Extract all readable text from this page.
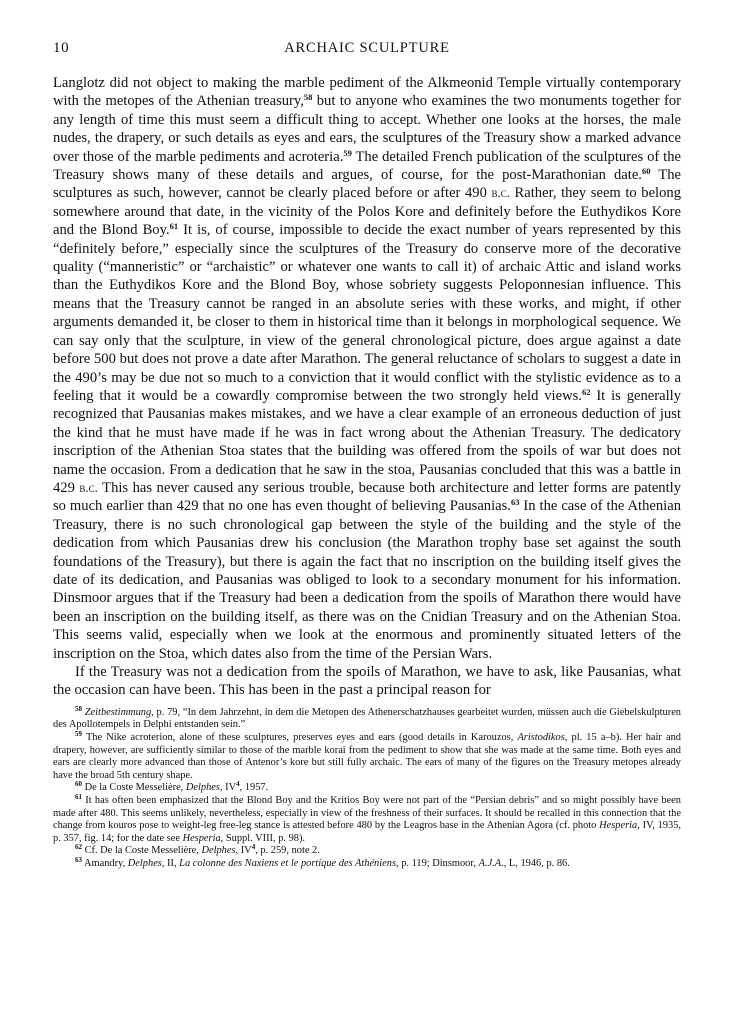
10	ARCHAIC SCULPTURE

Langlotz did not object to making the marble pediment of the Alkmeonid Temple virtually contemporary with the metopes of the Athenian treasury,$^{58}$ but to anyone who examines the two monuments together for any length of time this must seem a difficult thing to accept. Whether one looks at the horses, the male nudes, the drapery, or such details as eyes and ears, the sculptures of the Treasury show a marked advance over those of the marble pediments and acroteria.$^{59}$ The detailed French publication of the sculptures of the Treasury shows many of these details and argues, of course, for the post-Marathonian date.$^{60}$ The sculptures as such, however, cannot be clearly placed before or after 490 b.c. Rather, they seem to belong somewhere around that date, in the vicinity of the Polos Kore and definitely before the Euthydikos Kore and the Blond Boy.$^{61}$ It is, of course, impossible to decide the exact number of years represented by this “definitely before,” especially since the sculptures of the Treasury do conserve more of the decorative quality (“manneristic” or “archaistic” or whatever one wants to call it) of archaic Attic and island works than the Euthydikos Kore and the Blond Boy, whose sobriety suggests Peloponnesian influence. This means that the Treasury cannot be ranged in an absolute series with these works, and might, if other arguments demanded it, be closer to them in historical time than it belongs in morphological sequence. We can say only that the sculpture, in view of the general chronological picture, does argue against a date before 500 but does not prove a date after Marathon. The general reluctance of scholars to suggest a date in the 490’s may be due not so much to a conviction that it would conflict with the stylistic evidence as to a feeling that it would be a cowardly compromise between the two strongly held views.$^{62}$ It is generally recognized that Pausanias makes mistakes, and we have a clear example of an erroneous deduction of just the kind that he must have made if he was in fact wrong about the Athenian Treasury. The dedicatory inscription of the Athenian Stoa states that the building was offered from the spoils of war but does not name the occasion. From a dedication that he saw in the stoa, Pausanias concluded that this was a battle in 429 b.c. This has never caused any serious trouble, because both architecture and letter forms are patently so much earlier than 429 that no one has even thought of believing Pausanias.$^{63}$ In the case of the Athenian Treasury, there is no such chronological gap between the style of the building and the style of the dedication from which Pausanias drew his conclusion (the Marathon trophy base set against the south foundations of the Treasury), but there is again the fact that no inscription on the building itself gives the date of its dedication, and Pausanias was obliged to look to a secondary monument for his information. Dinsmoor argues that if the Treasury had been a dedication from the spoils of Marathon there would have been an inscription on the building itself, as there was on the Cnidian Treasury and on the Athenian Stoa. This seems valid, especially when we look at the enormous and prominently situated letters of the inscription on the Stoa, which dates also from the time of the Persian Wars.

If the Treasury was not a dedication from the spoils of Marathon, we have to ask, like Pausanias, what the occasion can have been. This has been in the past a principal reason for

$^{58}$ Zeitbestimmung, p. 79, “In dem Jahrzehnt, in dem die Metopen des Athenerschatzhauses gearbeitet wurden, müssen auch die Giebelskulpturen des Apollotempels in Delphi entstanden sein.”

$^{59}$ The Nike acroterion, alone of these sculptures, preserves eyes and ears (good details in Karouzos, Aristodikos, pl. 15 a–b). Her hair and drapery, however, are sufficiently similar to those of the marble korai from the pediment to show that she was made at the same time. Both eyes and ears are clearly more advanced than those of Antenor’s kore but still fully archaic. The ears of many of the figures on the Treasury metopes already have the broad 5th century shape.

$^{60}$ De la Coste Messelière, Delphes, $IV^4$, 1957.

$^{61}$ It has often been emphasized that the Blond Boy and the Kritios Boy were not part of the “Persian debris” and so might possibly have been made after 480. This seems unlikely, nevertheless, especially in view of the freshness of their surfaces. It should be recalled in this connection that the change from kouros pose to weight-leg free-leg stance is attested before 480 by the Leagros base in the Athenian Agora (cf. photo Hesperia, IV, 1935, p. 357, fig. 14; for the date see Hesperia, Suppl. VIII, p. 98).

$^{62}$ Cf. De la Coste Messelière, Delphes, $IV^4$, p. 259, note 2.

$^{63}$ Amandry, Delphes, II, La colonne des Naxiens et le portique des Athéniens, p. 119; Dinsmoor, A.J.A., L, 1946, p. 86.
